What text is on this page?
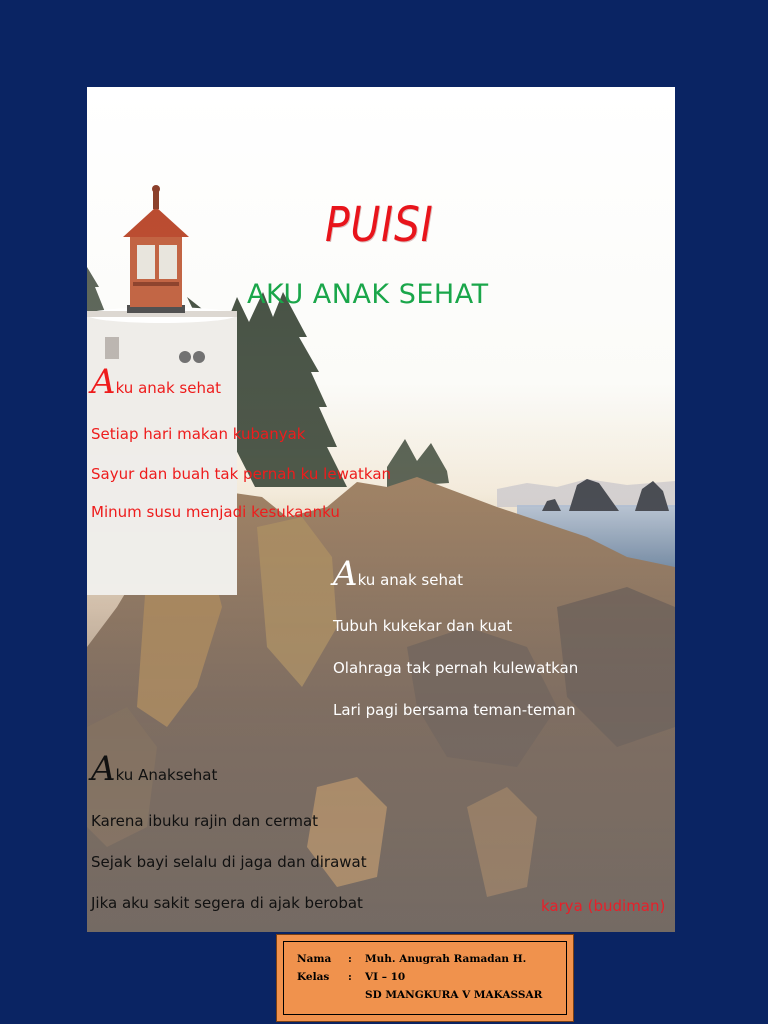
PUISI
AKU ANAK SEHAT
Aku anak sehat
Setiap hari makan kubanyak
Sayur dan buah tak pernah ku lewatkan
Minum susu menjadi kesukaanku
Aku anak sehat
Tubuh kukekar dan kuat
Olahraga tak pernah kulewatkan
Lari pagi bersama teman-teman
Aku Anaksehat
Karena ibuku rajin dan cermat
Sejak bayi selalu di jaga dan dirawat
Jika aku sakit segera di ajak berobat	karya (budiman)
Nama : Muh. Anugrah Ramadan H.
Kelas : VI – 10
SD MANGKURA V MAKASSAR
